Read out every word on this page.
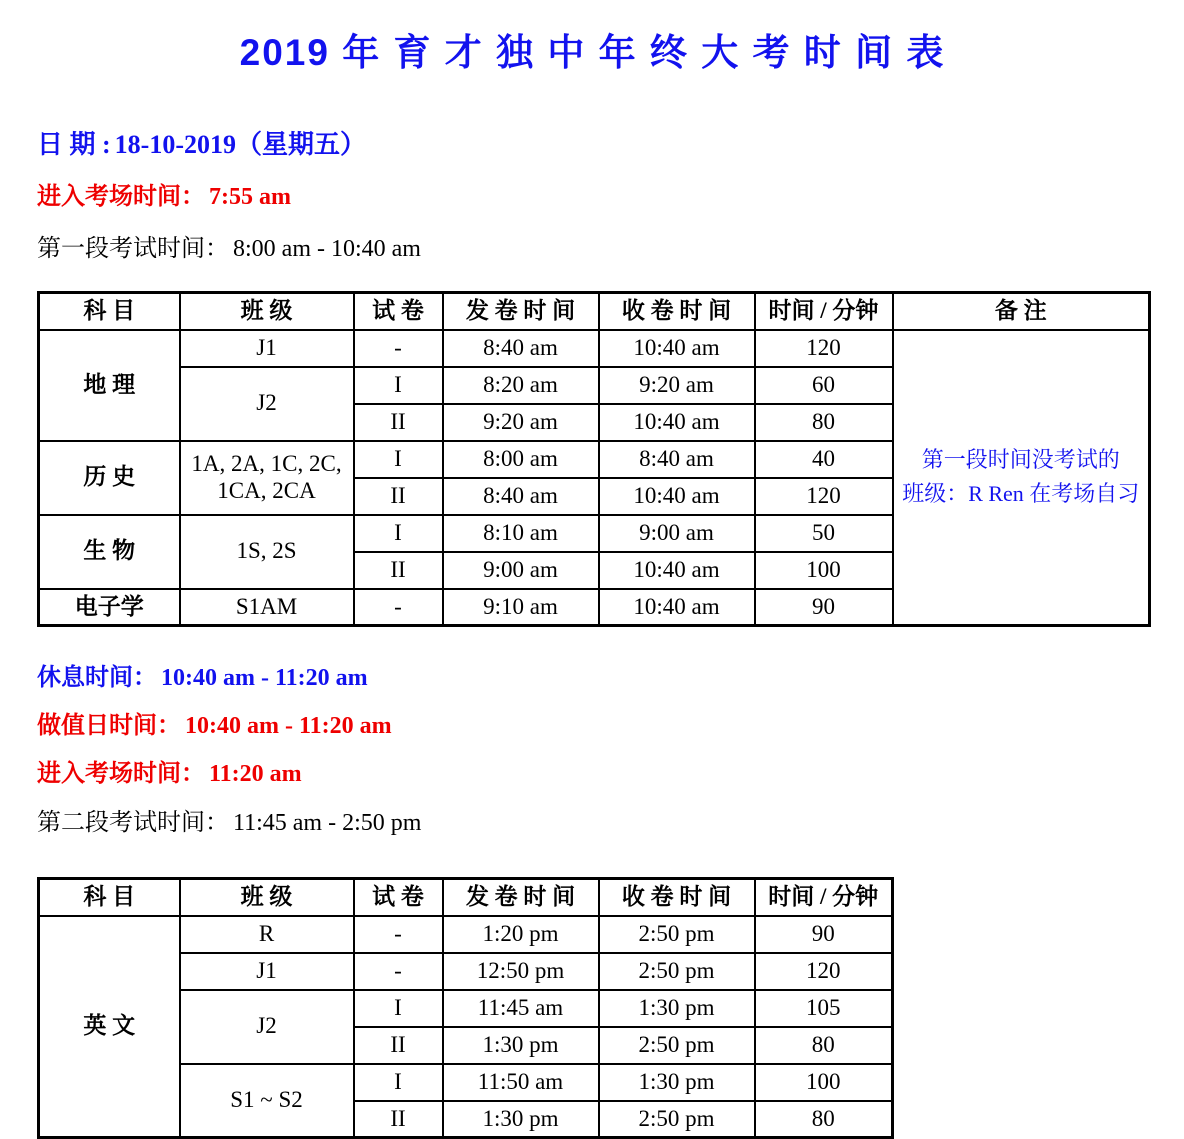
2019 年 育 才 独 中 年 终 大 考 时 间 表

日 期 : 18-10-2019（星期五）

进入考场时间： 7:55 am

第一段考试时间： 8:00 am - 10:40 am

科 目	班 级	试 卷	发 卷 时 间	收 卷 时 间	时间 / 分钟	备 注
地 理	J1	-	8:40 am	10:40 am	120	第一段时间没考试的
班级：R Ren 在考场自习

	J2	I	8:20 am	9:20 am	60	
		II	9:20 am	10:40 am	80	
历 史	1A, 2A, 1C, 2C, 1CA, 2CA	I	8:00 am	8:40 am	40	
		II	8:40 am	10:40 am	120	
生 物	1S, 2S	I	8:10 am	9:00 am	50	
		II	9:00 am	10:40 am	100	
电子学	S1AM	-	9:10 am	10:40 am	90	

休息时间： 10:40 am - 11:20 am

做值日时间： 10:40 am - 11:20 am

进入考场时间： 11:20 am

第二段考试时间： 11:45 am - 2:50 pm

科 目	班 级	试 卷	发 卷 时 间	收 卷 时 间	时间 / 分钟
英 文	R	-	1:20 pm	2:50 pm	90
	J1	-	12:50 pm	2:50 pm	120
	J2	I	11:45 am	1:30 pm	105
		II	1:30 pm	2:50 pm	80
	S1 ~ S2	I	11:50 am	1:30 pm	100
		II	1:30 pm	2:50 pm	80
